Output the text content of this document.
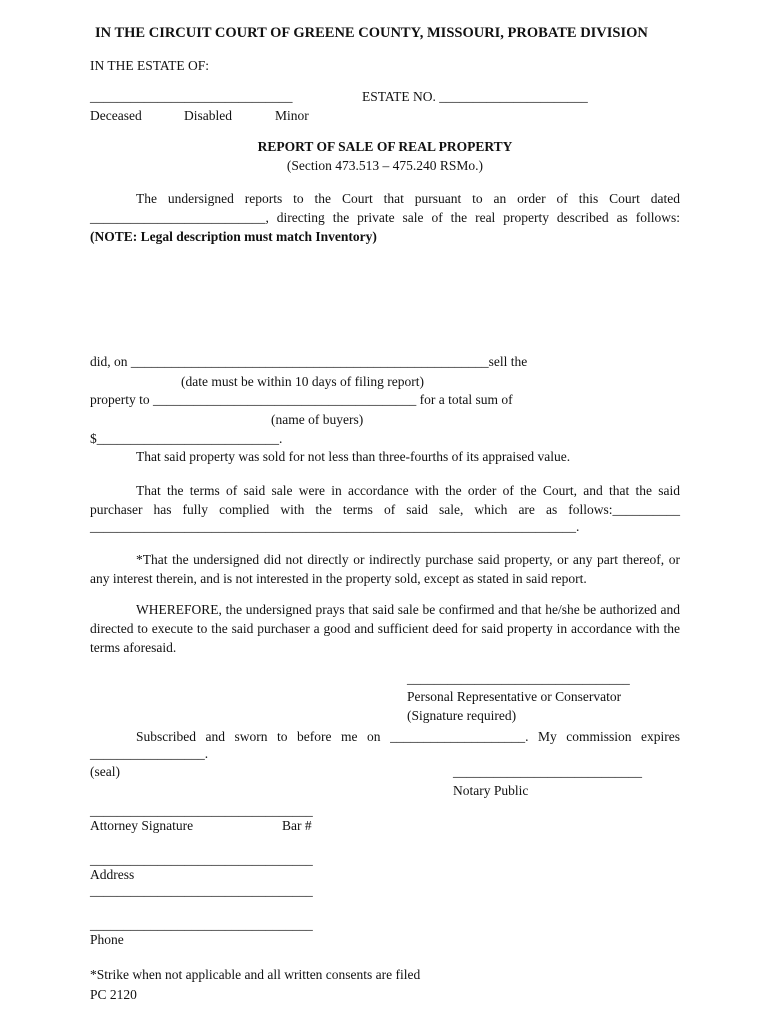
IN THE CIRCUIT COURT OF GREENE COUNTY, MISSOURI, PROBATE DIVISION
IN THE ESTATE OF:
______________________________	ESTATE NO. ______________________
Deceased	Disabled	Minor
REPORT OF SALE OF REAL PROPERTY
(Section 473.513 – 475.240 RSMo.)
The undersigned reports to the Court that pursuant to an order of this Court dated
__________________________, directing the private sale of the real property described as follows:
(NOTE: Legal description must match Inventory)
did, on _____________________________________________________sell the
(date must be within 10 days of filing report)
property to _______________________________________ for a total sum of
(name of buyers)
$___________________________.
That said property was sold for not less than three-fourths of its appraised value.
That the terms of said sale were in accordance with the order of the Court, and that the said
purchaser has fully complied with the terms of said sale, which are as follows:__________
________________________________________________________________________.
*That the undersigned did not directly or indirectly purchase said property, or any part thereof, or any interest therein, and is not interested in the property sold, except as stated in said report.
WHEREFORE, the undersigned prays that said sale be confirmed and that he/she be authorized and directed to execute to the said purchaser a good and sufficient deed for said property in accordance with the terms aforesaid.
_________________________________
Personal Representative or Conservator
(Signature required)
Subscribed and sworn to before me on ____________________. My commission expires
_________________.
(seal)	____________________________
Notary Public
_________________________________
Attorney Signature	Bar #
_________________________________
Address
_________________________________
_________________________________
Phone
*Strike when not applicable and all written consents are filed
PC 2120
